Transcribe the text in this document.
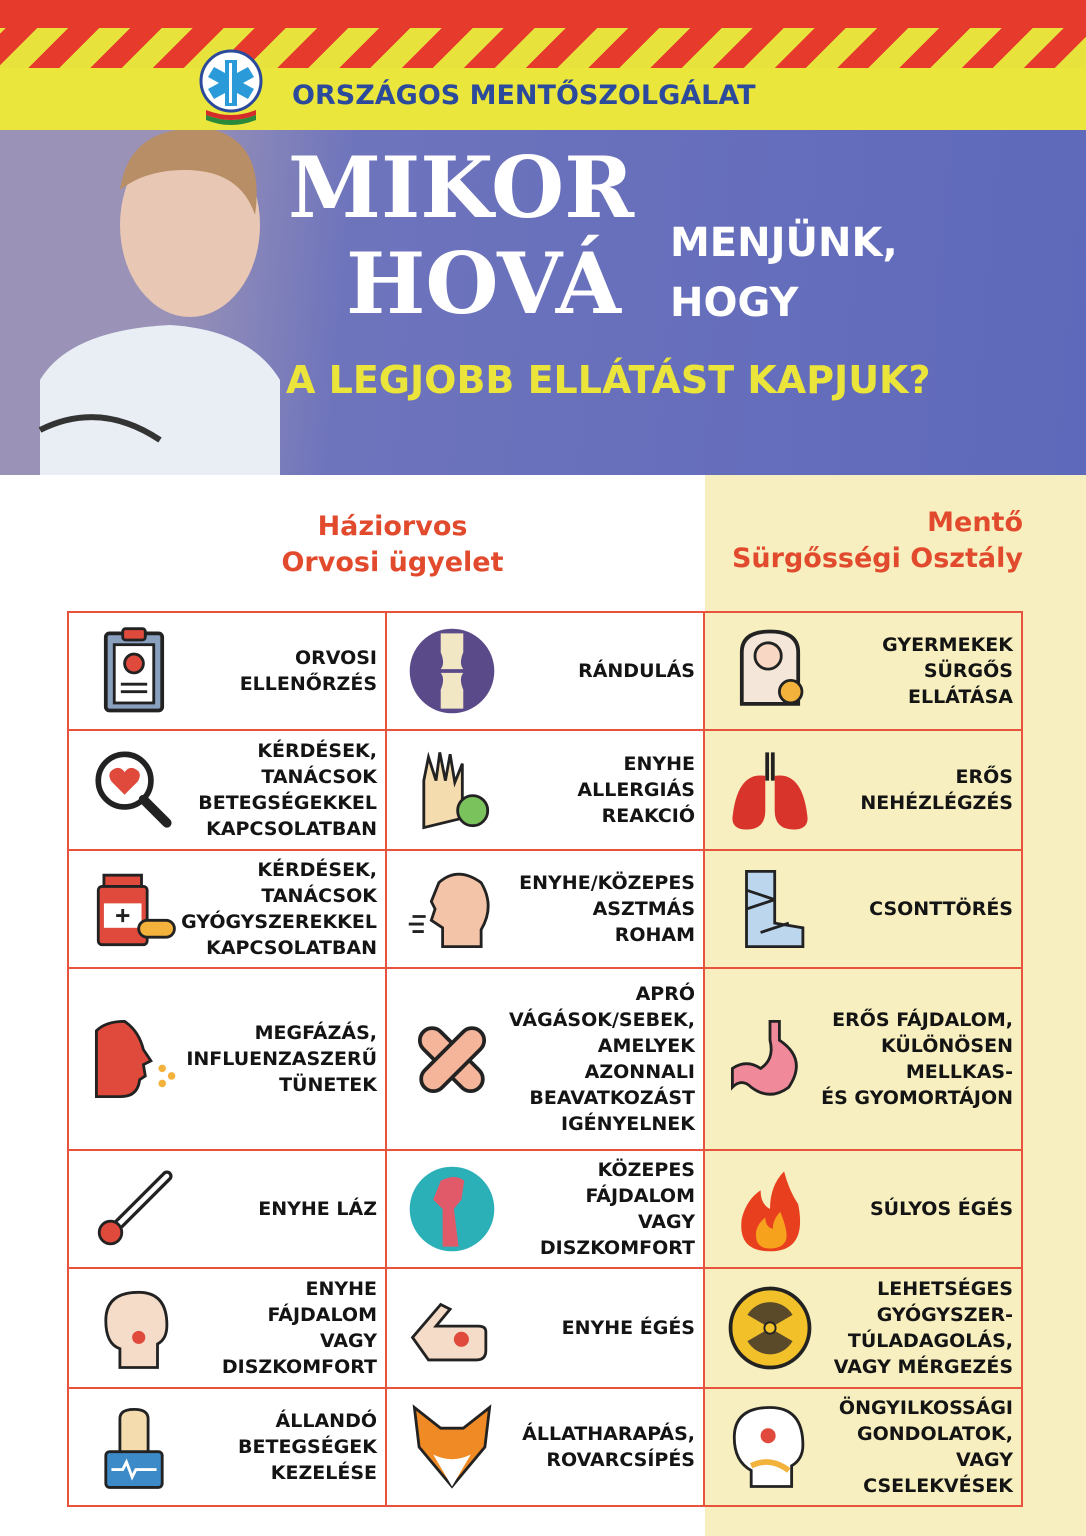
ORSZÁGOS MENTŐSZOLGÁLAT
MIKOR
HOVÁ MENJÜNK,
HOGY
A LEGJOBB ELLÁTÁST KAPJUK?
Háziorvos
Orvosi ügyelet
Mentő
Sürgősségi Osztály
ORVOSI
ELLENŐRZÉS
RÁNDULÁS
GYERMEKEK
SÜRGŐS ELLÁTÁSA
KÉRDÉSEK,
TANÁCSOK
BETEGSÉGEKKEL
KAPCSOLATBAN
ENYHE
ALLERGIÁS
REAKCIÓ
ERŐS
NEHÉZLÉGZÉS
KÉRDÉSEK,
TANÁCSOK
GYÓGYSZEREKKEL
KAPCSOLATBAN
ENYHE/KÖZEPES
ASZTMÁS
ROHAM
CSONTTÖRÉS
MEGFÁZÁS,
INFLUENZASZERŰ
TÜNETEK
APRÓ
VÁGÁSOK/SEBEK,
AMELYEK
AZONNALI
BEAVATKOZÁST
IGÉNYELNEK
ERŐS FÁJDALOM,
KÜLÖNÖSEN
MELLKAS-
ÉS GYOMORTÁJON
ENYHE LÁZ
KÖZEPES
FÁJDALOM
VAGY
DISZKOMFORT
SÚLYOS ÉGÉS
ENYHE
FÁJDALOM
VAGY
DISZKOMFORT
ENYHE ÉGÉS
LEHETSÉGES
GYÓGYSZER-
TÚLADAGOLÁS,
VAGY MÉRGEZÉS
ÁLLANDÓ
BETEGSÉGEK
KEZELÉSE
ÁLLATHARAPÁS,
ROVARCSÍPÉS
ÖNGYILKOSSÁGI
GONDOLATOK,
VAGY CSELEKVÉSEK
